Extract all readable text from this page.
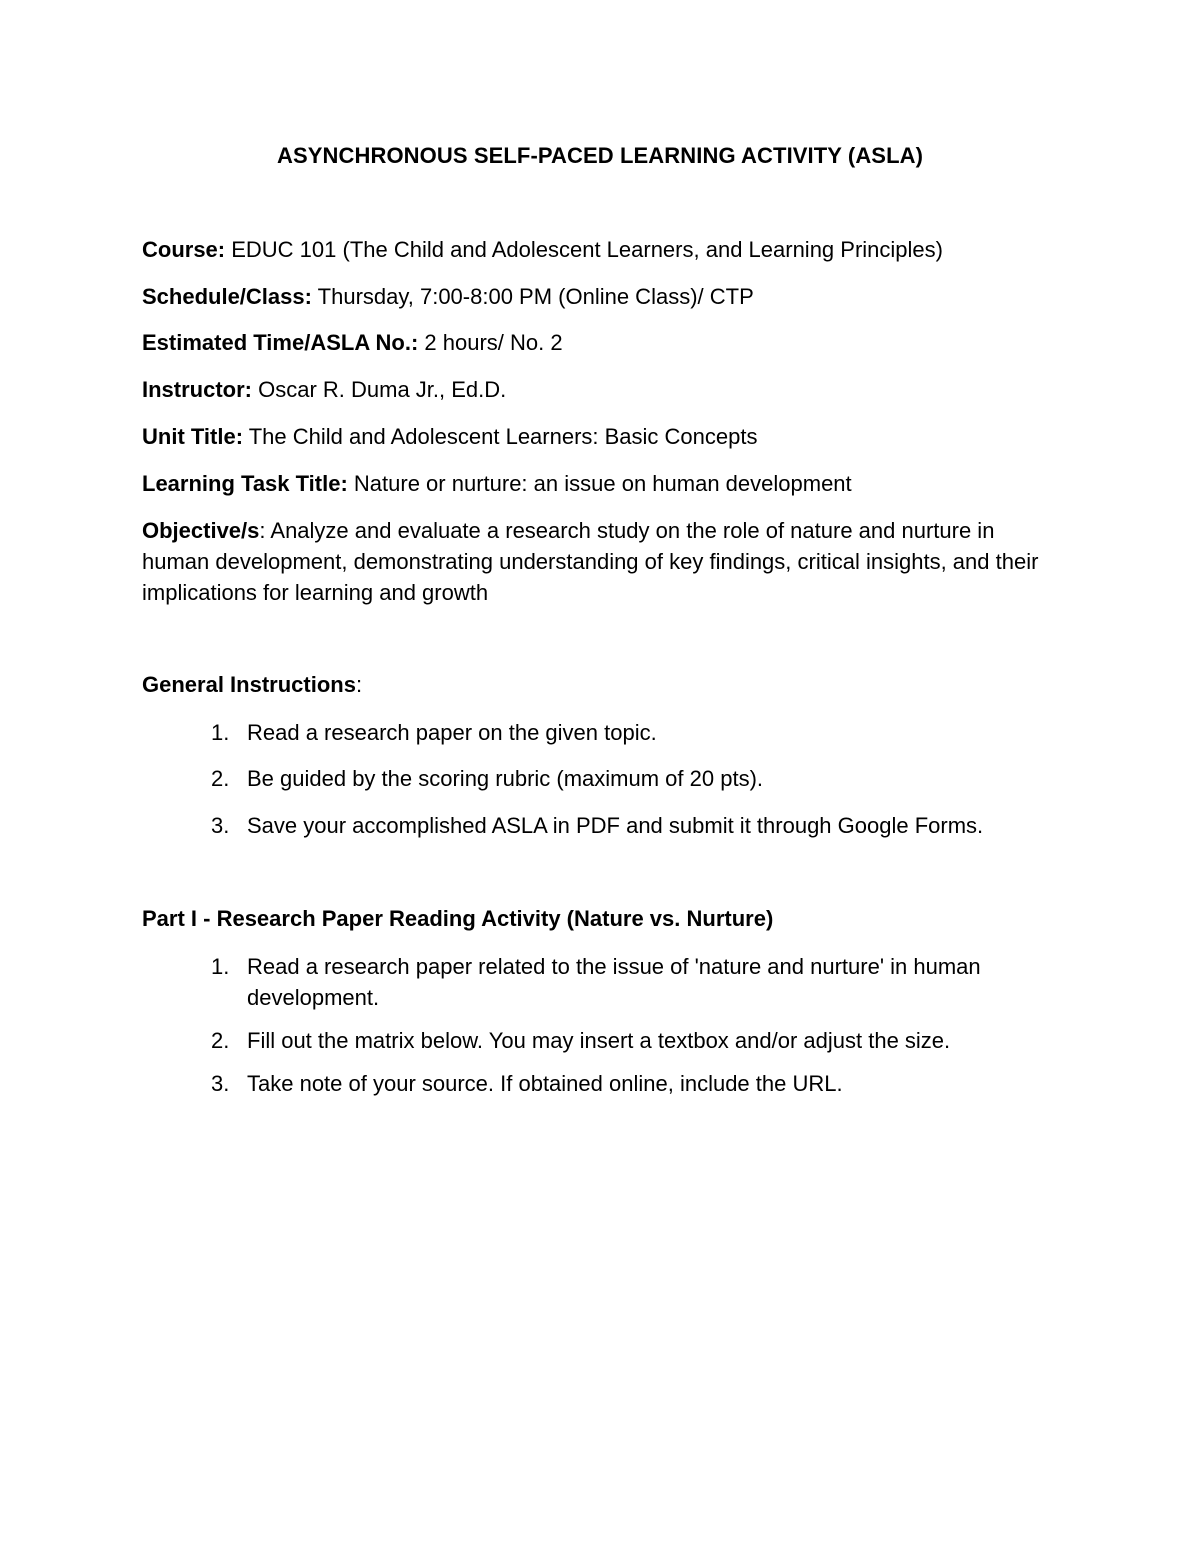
ASYNCHRONOUS SELF-PACED LEARNING ACTIVITY (ASLA)
Course: EDUC 101 (The Child and Adolescent Learners, and Learning Principles)
Schedule/Class: Thursday, 7:00-8:00 PM (Online Class)/ CTP
Estimated Time/ASLA No.: 2 hours/ No. 2
Instructor: Oscar R. Duma Jr., Ed.D.
Unit Title: The Child and Adolescent Learners: Basic Concepts
Learning Task Title: Nature or nurture: an issue on human development
Objective/s: Analyze and evaluate a research study on the role of nature and nurture in human development, demonstrating understanding of key findings, critical insights, and their implications for learning and growth
General Instructions:
1. Read a research paper on the given topic.
2. Be guided by the scoring rubric (maximum of 20 pts).
3. Save your accomplished ASLA in PDF and submit it through Google Forms.
Part I - Research Paper Reading Activity (Nature vs. Nurture)
1. Read a research paper related to the issue of 'nature and nurture' in human development.
2. Fill out the matrix below. You may insert a textbox and/or adjust the size.
3. Take note of your source. If obtained online, include the URL.
